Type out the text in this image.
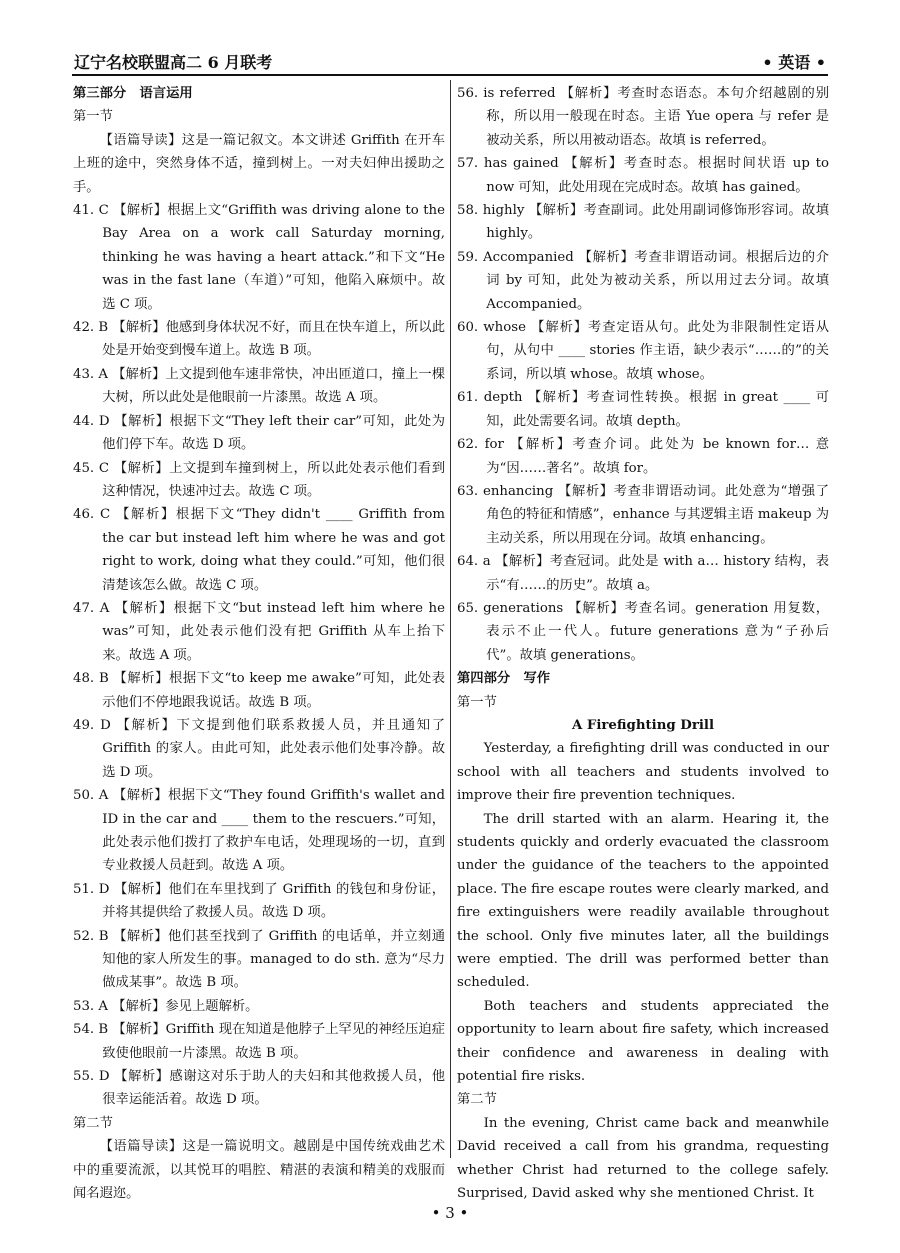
辽宁名校联盟高二 6 月联考	• 英语 •

第三部分　语言运用

第一节

【语篇导读】这是一篇记叙文。本文讲述 Griffith 在开车上班的途中，突然身体不适，撞到树上。一对夫妇伸出援助之手。

41. C 【解析】根据上文“Griffith was driving alone to the Bay Area on a work call Saturday morning, thinking he was having a heart attack.”和下文“He was in the fast lane（车道）”可知，他陷入麻烦中。故选 C 项。

42. B 【解析】他感到身体状况不好，而且在快车道上，所以此处是开始变到慢车道上。故选 B 项。

43. A 【解析】上文提到他车速非常快，冲出匝道口，撞上一棵大树，所以此处是他眼前一片漆黑。故选 A 项。

44. D 【解析】根据下文“They left their car”可知，此处为他们停下车。故选 D 项。

45. C 【解析】上文提到车撞到树上，所以此处表示他们看到这种情况，快速冲过去。故选 C 项。

46. C 【解析】根据下文“They didn't ____ Griffith from the car but instead left him where he was and got right to work, doing what they could.”可知，他们很清楚该怎么做。故选 C 项。

47. A 【解析】根据下文“but instead left him where he was”可知，此处表示他们没有把 Griffith 从车上抬下来。故选 A 项。

48. B 【解析】根据下文“to keep me awake”可知，此处表示他们不停地跟我说话。故选 B 项。

49. D 【解析】下文提到他们联系救援人员，并且通知了 Griffith 的家人。由此可知，此处表示他们处事冷静。故选 D 项。

50. A 【解析】根据下文“They found Griffith's wallet and ID in the car and ____ them to the rescuers.”可知，此处表示他们拨打了救护车电话，处理现场的一切，直到专业救援人员赶到。故选 A 项。

51. D 【解析】他们在车里找到了 Griffith 的钱包和身份证，并将其提供给了救援人员。故选 D 项。

52. B 【解析】他们甚至找到了 Griffith 的电话单，并立刻通知他的家人所发生的事。managed to do sth. 意为“尽力做成某事”。故选 B 项。

53. A 【解析】参见上题解析。

54. B 【解析】Griffith 现在知道是他脖子上罕见的神经压迫症致使他眼前一片漆黑。故选 B 项。

55. D 【解析】感谢这对乐于助人的夫妇和其他救援人员，他很幸运能活着。故选 D 项。

第二节

【语篇导读】这是一篇说明文。越剧是中国传统戏曲艺术中的重要流派，以其悦耳的唱腔、精湛的表演和精美的戏服而闻名遐迩。

56. is referred 【解析】考查时态语态。本句介绍越剧的别称，所以用一般现在时态。主语 Yue opera 与 refer 是被动关系，所以用被动语态。故填 is referred。

57. has gained 【解析】考查时态。根据时间状语 up to now 可知，此处用现在完成时态。故填 has gained。

58. highly 【解析】考查副词。此处用副词修饰形容词。故填 highly。

59. Accompanied 【解析】考查非谓语动词。根据后边的介词 by 可知，此处为被动关系，所以用过去分词。故填 Accompanied。

60. whose 【解析】考查定语从句。此处为非限制性定语从句，从句中 ____ stories 作主语，缺少表示“……的”的关系词，所以填 whose。故填 whose。

61. depth 【解析】考查词性转换。根据 in great ____ 可知，此处需要名词。故填 depth。

62. for 【解析】考查介词。此处为 be known for… 意为“因……著名”。故填 for。

63. enhancing 【解析】考查非谓语动词。此处意为“增强了角色的特征和情感”，enhance 与其逻辑主语 makeup 为主动关系，所以用现在分词。故填 enhancing。

64. a 【解析】考查冠词。此处是 with a… history 结构，表示“有……的历史”。故填 a。

65. generations 【解析】考查名词。generation 用复数，表示不止一代人。future generations 意为“子孙后代”。故填 generations。

第四部分　写作

第一节

A Firefighting Drill

Yesterday, a firefighting drill was conducted in our school with all teachers and students involved to improve their fire prevention techniques.

The drill started with an alarm. Hearing it, the students quickly and orderly evacuated the classroom under the guidance of the teachers to the appointed place. The fire escape routes were clearly marked, and fire extinguishers were readily available throughout the school. Only five minutes later, all the buildings were emptied. The drill was performed better than scheduled.

Both teachers and students appreciated the opportunity to learn about fire safety, which increased their confidence and awareness in dealing with potential fire risks.

第二节

In the evening, Christ came back and meanwhile David received a call from his grandma, requesting whether Christ had returned to the college safely. Surprised, David asked why she mentioned Christ. It

• 3 •
